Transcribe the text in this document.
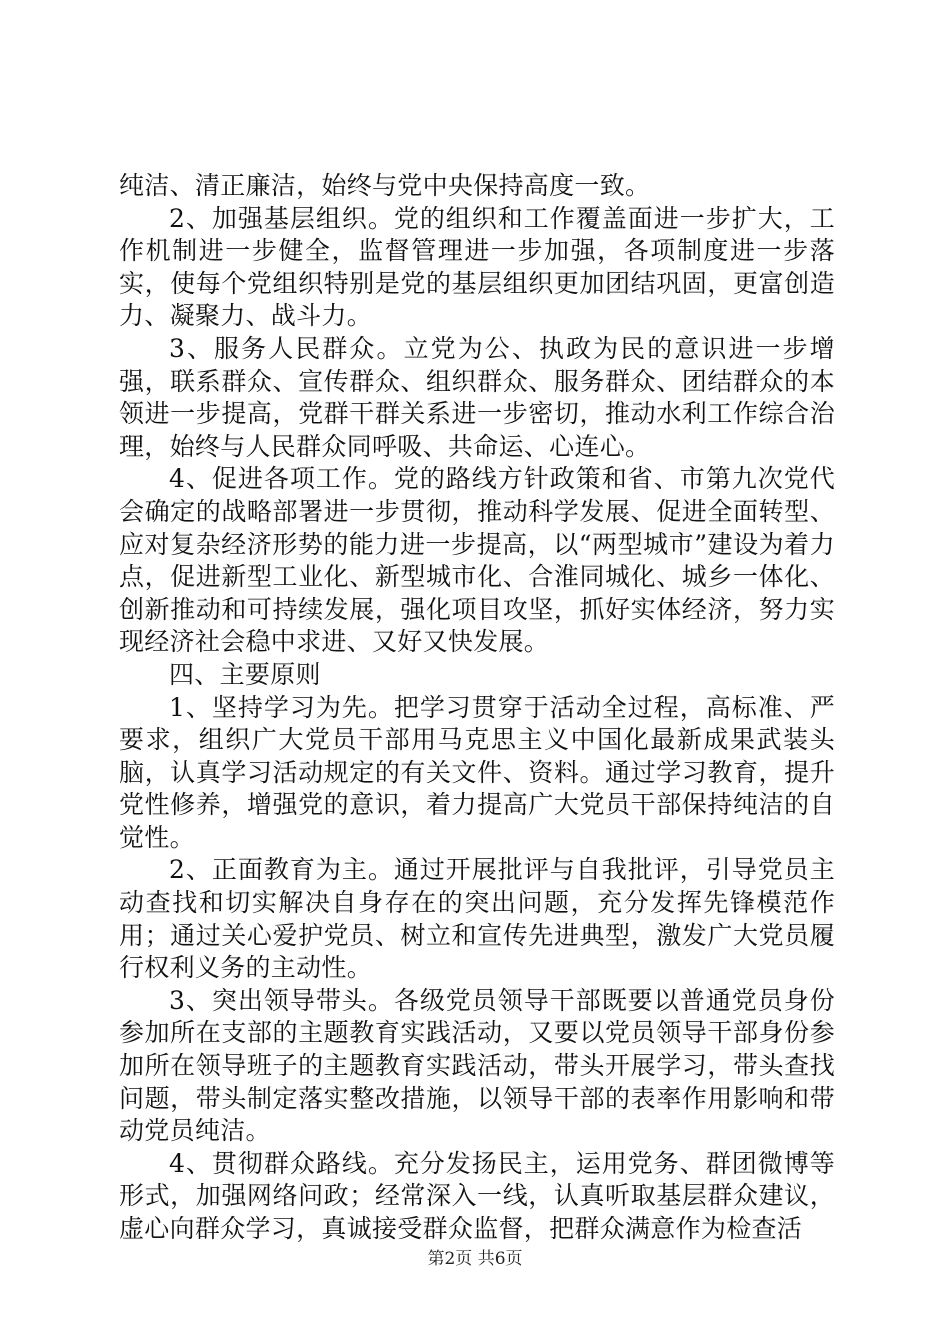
纯洁、清正廉洁，始终与党中央保持高度一致。

2、加强基层组织。党的组织和工作覆盖面进一步扩大，工作机制进一步健全，监督管理进一步加强，各项制度进一步落实，使每个党组织特别是党的基层组织更加团结巩固，更富创造力、凝聚力、战斗力。

3、服务人民群众。立党为公、执政为民的意识进一步增强，联系群众、宣传群众、组织群众、服务群众、团结群众的本领进一步提高，党群干群关系进一步密切，推动水利工作综合治理，始终与人民群众同呼吸、共命运、心连心。

4、促进各项工作。党的路线方针政策和省、市第九次党代会确定的战略部署进一步贯彻，推动科学发展、促进全面转型、应对复杂经济形势的能力进一步提高，以“两型城市”建设为着力点，促进新型工业化、新型城市化、合淮同城化、城乡一体化、创新推动和可持续发展，强化项目攻坚，抓好实体经济，努力实现经济社会稳中求进、又好又快发展。

四、主要原则

1、坚持学习为先。把学习贯穿于活动全过程，高标准、严要求，组织广大党员干部用马克思主义中国化最新成果武装头脑，认真学习活动规定的有关文件、资料。通过学习教育，提升党性修养，增强党的意识，着力提高广大党员干部保持纯洁的自觉性。

2、正面教育为主。通过开展批评与自我批评，引导党员主动查找和切实解决自身存在的突出问题，充分发挥先锋模范作用；通过关心爱护党员、树立和宣传先进典型，激发广大党员履行权利义务的主动性。

3、突出领导带头。各级党员领导干部既要以普通党员身份参加所在支部的主题教育实践活动，又要以党员领导干部身份参加所在领导班子的主题教育实践活动，带头开展学习，带头查找问题，带头制定落实整改措施，以领导干部的表率作用影响和带动党员纯洁。

4、贯彻群众路线。充分发扬民主，运用党务、群团微博等形式，加强网络问政；经常深入一线，认真听取基层群众建议，虚心向群众学习，真诚接受群众监督，把群众满意作为检查活

第2页 共6页
